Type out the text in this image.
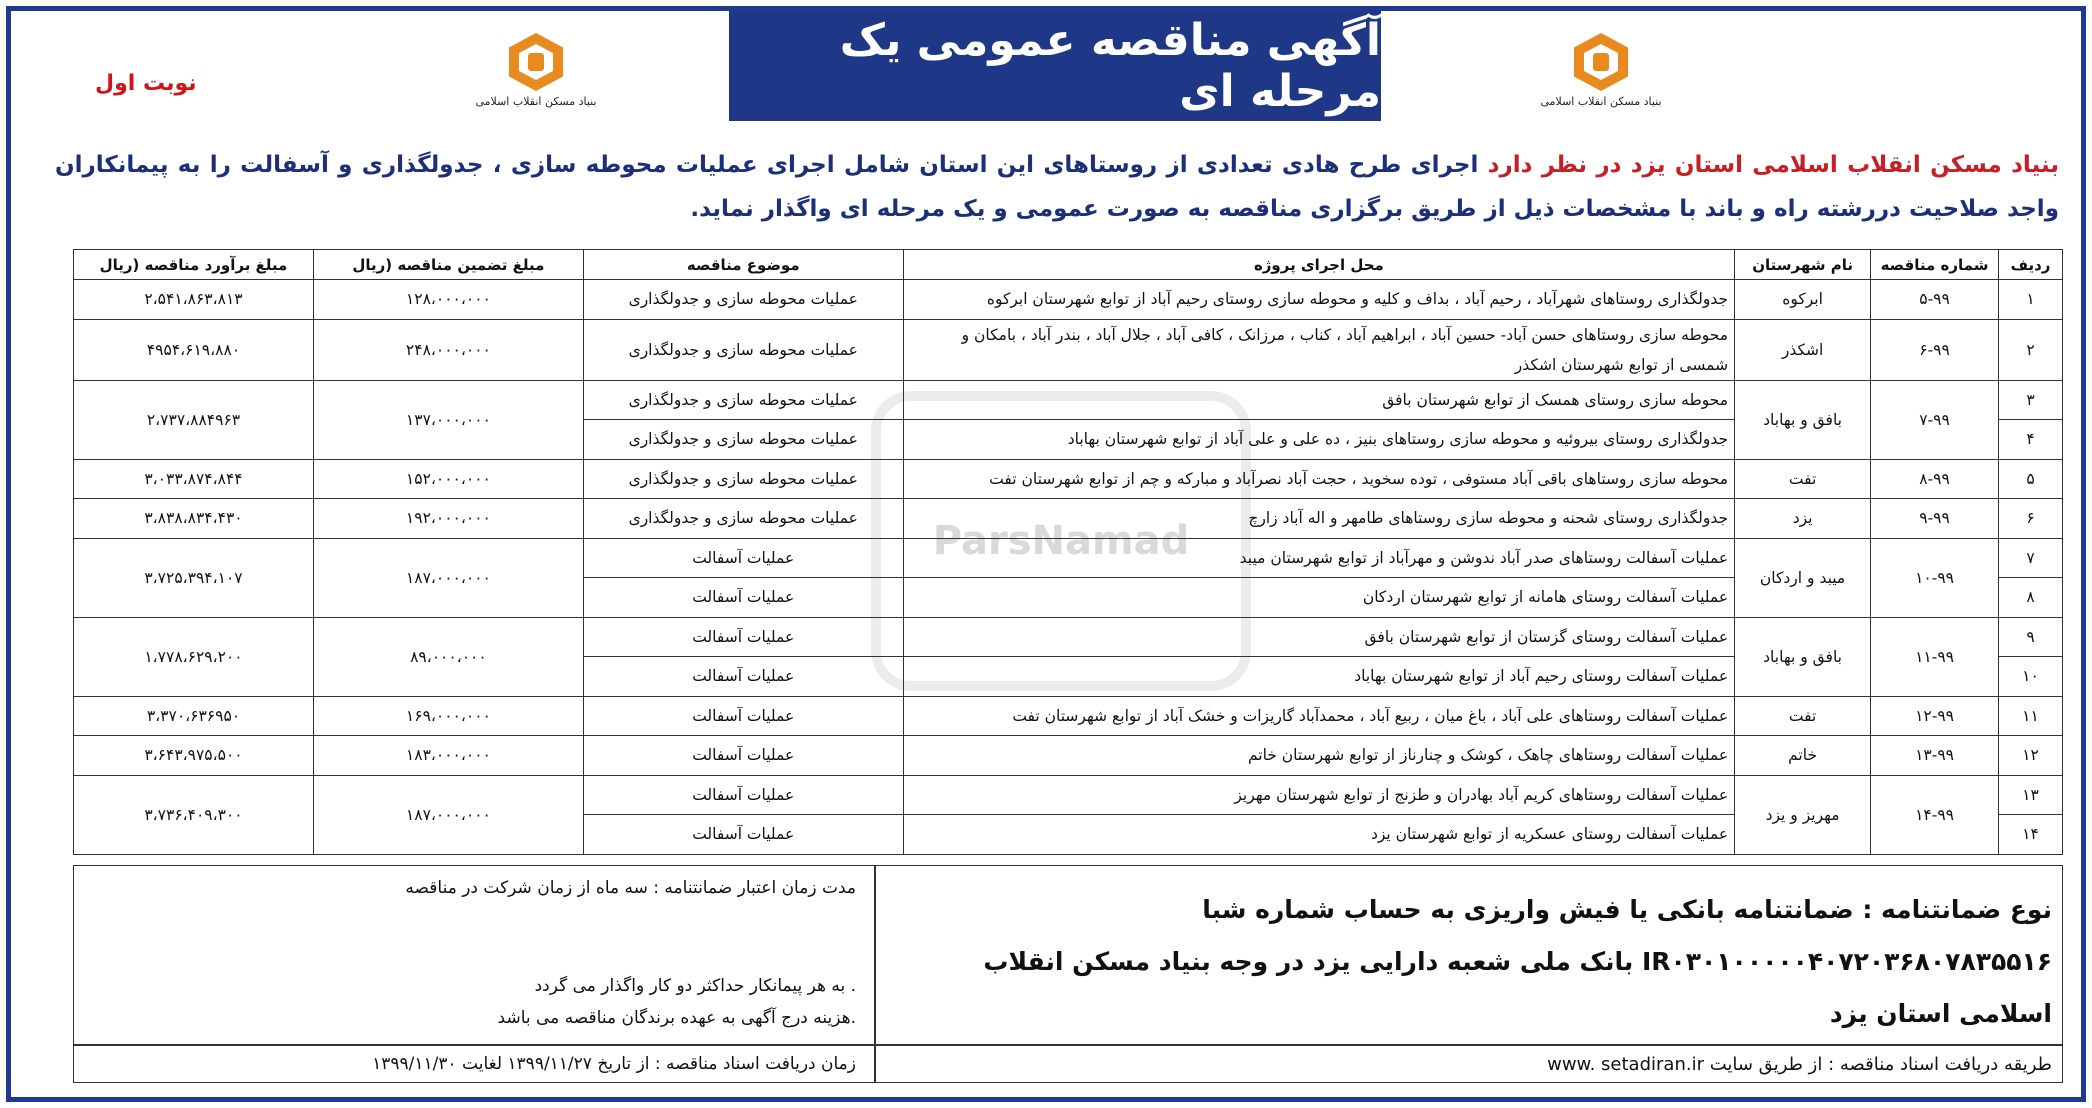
آگهی مناقصه عمومی یک مرحله ای	بنیاد مسکن انقلاب اسلامی
بنیاد مسکن انقلاب اسلامی
نوبت اول
بنیاد مسکن انقلاب اسلامی استان یزد در نظر دارد اجرای طرح هادی تعدادی از روستاهای این استان شامل اجرای عملیات محوطه سازی ، جدولگذاری و آسفالت را به پیمانکاران واجد صلاحیت دررشته راه و باند با مشخصات ذیل از طریق برگزاری مناقصه به صورت عمومی و یک مرحله ای واگذار نماید.
ParsNamad
ردیف	شماره مناقصه	نام شهرستان	محل اجرای پروژه	موضوع مناقصه	مبلغ تضمین مناقصه (ریال	مبلغ برآورد مناقصه (ریال
۱	۵-۹۹	ابرکوه	جدولگذاری روستاهای شهرآباد ، رحیم آباد ، بداف و کلیه و محوطه سازی روستای رحیم آباد از توابع شهرستان ابرکوه	عملیات محوطه سازی و جدولگذاری	۱۲۸،۰۰۰،۰۰۰	۲،۵۴۱،۸۶۳،۸۱۳
۲	۶-۹۹	اشکذر	محوطه سازی روستاهای حسن آباد- حسین آباد ، ابراهیم آباد ، کناب ، مرزانک ، کافی آباد ، جلال آباد ، بندر آباد ، بامکان و شمسی از توابع شهرستان اشکذر	عملیات محوطه سازی و جدولگذاری	۲۴۸،۰۰۰،۰۰۰	۴۹۵۴،۶۱۹،۸۸۰
۳	۷-۹۹	بافق و بهاباد	محوطه سازی روستای همسک از توابع شهرستان بافق	عملیات محوطه سازی و جدولگذاری	۱۳۷،۰۰۰،۰۰۰	۲،۷۳۷،۸۸۴۹۶۳
۴			جدولگذاری روستای بیروئیه و محوطه سازی روستاهای بنیز ، ده علی و علی آباد از توابع شهرستان بهاباد	عملیات محوطه سازی و جدولگذاری		
۵	۸-۹۹	تفت	محوطه سازی روستاهای باقی آباد مستوفی ، توده سخوید ، حجت آباد نصرآباد و مبارکه و چم از توابع شهرستان تفت	عملیات محوطه سازی و جدولگذاری	۱۵۲،۰۰۰،۰۰۰	۳،۰۳۳،۸۷۴،۸۴۴
۶	۹-۹۹	یزد	جدولگذاری روستای شحنه و محوطه سازی روستاهای طامهر و اله آباد زارچ	عملیات محوطه سازی و جدولگذاری	۱۹۲،۰۰۰،۰۰۰	۳،۸۳۸،۸۳۴،۴۳۰
۷	۱۰-۹۹	میبد و اردکان	عملیات آسفالت روستاهای صدر آباد ندوشن و مهرآباد از توابع شهرستان میبد	عملیات آسفالت	۱۸۷،۰۰۰،۰۰۰	۳،۷۲۵،۳۹۴،۱۰۷
۸			عملیات آسفالت روستای هامانه از توابع شهرستان اردکان	عملیات آسفالت		
۹	۱۱-۹۹	بافق و بهاباد	عملیات آسفالت روستای گزستان از توابع شهرستان بافق	عملیات آسفالت	۸۹،۰۰۰،۰۰۰	۱،۷۷۸،۶۲۹،۲۰۰
۱۰			عملیات آسفالت روستای رحیم آباد از توابع شهرستان بهاباد	عملیات آسفالت		
۱۱	۱۲-۹۹	تفت	عملیات آسفالت روستاهای علی آباد ، باغ میان ، ربیع آباد ، محمدآباد گاریزات و خشک آباد از توابع شهرستان تفت	عملیات آسفالت	۱۶۹،۰۰۰،۰۰۰	۳،۳۷۰،۶۳۶۹۵۰
۱۲	۱۳-۹۹	خاتم	عملیات آسفالت روستاهای چاهک ، کوشک و چنارناز از توابع شهرستان خاتم	عملیات آسفالت	۱۸۳،۰۰۰،۰۰۰	۳،۶۴۳،۹۷۵،۵۰۰
۱۳	۱۴-۹۹	مهریز و یزد	عملیات آسفالت روستاهای کریم آباد بهادران و طزنج از توابع شهرستان مهریز	عملیات آسفالت	۱۸۷،۰۰۰،۰۰۰	۳،۷۳۶،۴۰۹،۳۰۰
۱۴			عملیات آسفالت روستای عسکریه از توابع شهرستان یزد	عملیات آسفالت		
نوع ضمانتنامه : ضمانتنامه بانکی یا فیش واریزی به حساب شماره شبا
IR۰۳۰۱۰۰۰۰۰۴۰۷۲۰۳۶۸۰۷۸۳۵۵۱۶ بانک ملی شعبه دارایی یزد در وجه بنیاد مسکن انقلاب اسلامی استان یزد
مدت زمان اعتبار ضمانتنامه : سه ماه از زمان شرکت در مناقصه
. به هر پیمانکار حداکثر دو کار واگذار می گردد
.هزینه درج آگهی به عهده برندگان مناقصه می باشد
طریقه دریافت اسناد مناقصه : از طریق سایت www. setadiran.ir
زمان دریافت اسناد مناقصه : از تاریخ ۱۳۹۹/۱۱/۲۷ لغایت ۱۳۹۹/۱۱/۳۰
